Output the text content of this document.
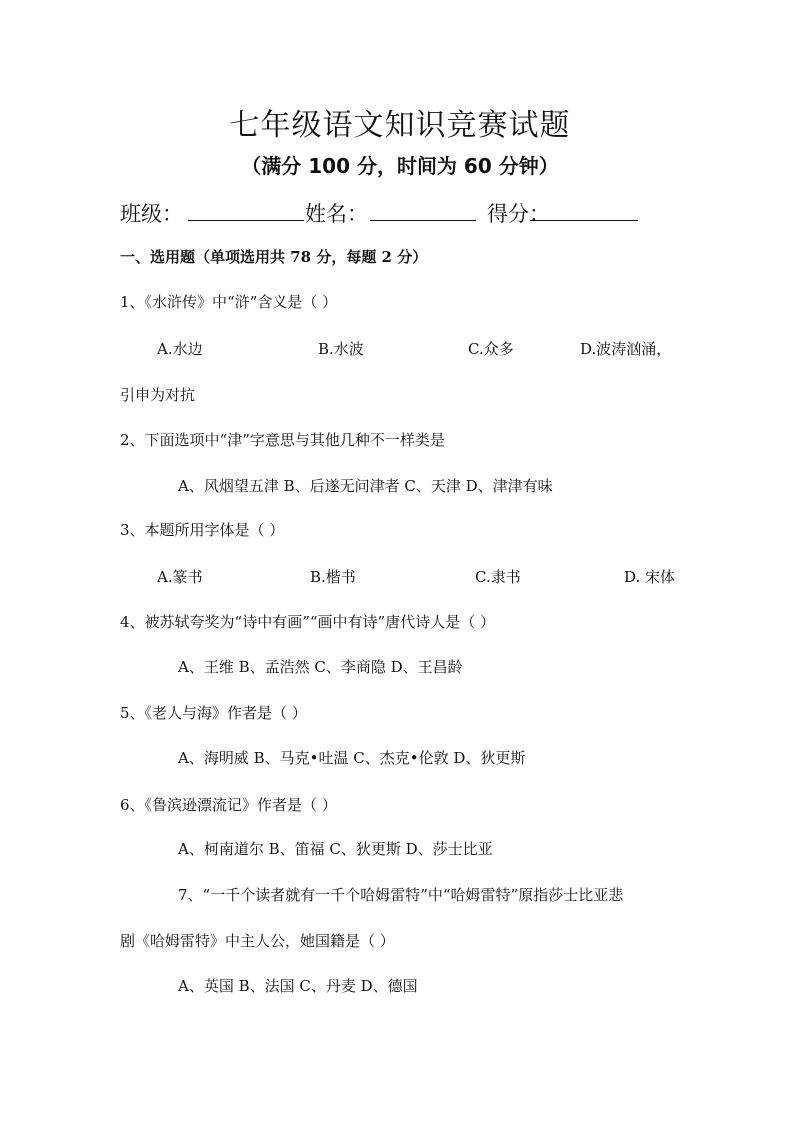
七年级语文知识竞赛试题
（满分 100 分，时间为 60 分钟）
班级：	姓名：	得分：
一、选用题（单项选用共 78 分，每题 2 分）
1、《水浒传》中“浒”含义是（ ）
A.水边	B.水波	C.众多	D.波涛汹涌，
引申为对抗
2、下面选项中“津”字意思与其他几种不一样类是
A、风烟望五津 B、后遂无问津者 C、天津 D、津津有味
3、本题所用字体是（ ）
A.篆书	B.楷书	C.隶书	D. 宋体
4、被苏轼夸奖为“诗中有画”“画中有诗”唐代诗人是（ ）
A、王维 B、孟浩然 C、李商隐 D、王昌龄
5、《老人与海》作者是（ ）
A、海明威 B、马克•吐温 C、杰克•伦敦 D、狄更斯
6、《鲁滨逊漂流记》作者是（ ）
A、柯南道尔 B、笛福 C、狄更斯 D、莎士比亚
7、“一千个读者就有一千个哈姆雷特”中“哈姆雷特”原指莎士比亚悲
剧《哈姆雷特》中主人公，她国籍是（ ）
A、英国 B、法国 C、丹麦 D、德国
